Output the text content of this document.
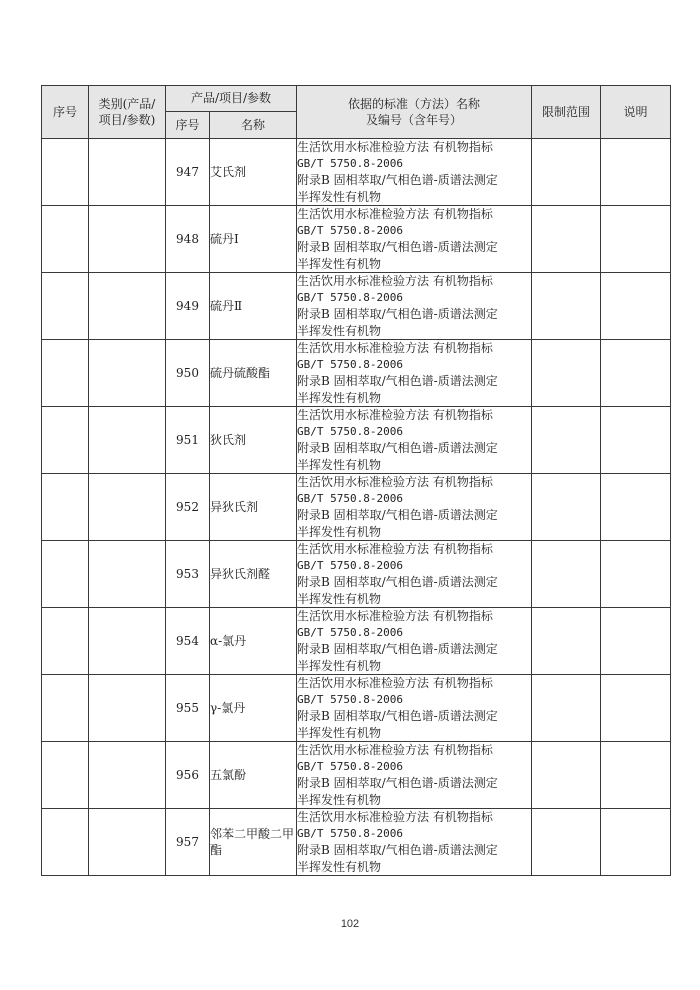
序号	类别(产品/
项目/参数)	产品/项目/参数		依据的标准（方法）名称
及编号（含年号）	限制范围	说明
		序号	名称			
		947	艾氏剂	生活饮用水标准检验方法 有机物指标
GB/T 5750.8-2006
附录B 固相萃取/气相色谱-质谱法测定
半挥发性有机物		

		948	硫丹Ⅰ	生活饮用水标准检验方法 有机物指标
GB/T 5750.8-2006
附录B 固相萃取/气相色谱-质谱法测定
半挥发性有机物		

		949	硫丹Ⅱ	生活饮用水标准检验方法 有机物指标
GB/T 5750.8-2006
附录B 固相萃取/气相色谱-质谱法测定
半挥发性有机物		

		950	硫丹硫酸酯	生活饮用水标准检验方法 有机物指标
GB/T 5750.8-2006
附录B 固相萃取/气相色谱-质谱法测定
半挥发性有机物		

		951	狄氏剂	生活饮用水标准检验方法 有机物指标
GB/T 5750.8-2006
附录B 固相萃取/气相色谱-质谱法测定
半挥发性有机物		

		952	异狄氏剂	生活饮用水标准检验方法 有机物指标
GB/T 5750.8-2006
附录B 固相萃取/气相色谱-质谱法测定
半挥发性有机物		

		953	异狄氏剂醛	生活饮用水标准检验方法 有机物指标
GB/T 5750.8-2006
附录B 固相萃取/气相色谱-质谱法测定
半挥发性有机物		

		954	α-氯丹	生活饮用水标准检验方法 有机物指标
GB/T 5750.8-2006
附录B 固相萃取/气相色谱-质谱法测定
半挥发性有机物		

		955	γ-氯丹	生活饮用水标准检验方法 有机物指标
GB/T 5750.8-2006
附录B 固相萃取/气相色谱-质谱法测定
半挥发性有机物		

		956	五氯酚	生活饮用水标准检验方法 有机物指标
GB/T 5750.8-2006
附录B 固相萃取/气相色谱-质谱法测定
半挥发性有机物		

		957	邻苯二甲酸二甲酯	生活饮用水标准检验方法 有机物指标
GB/T 5750.8-2006
附录B 固相萃取/气相色谱-质谱法测定
半挥发性有机物		

102
